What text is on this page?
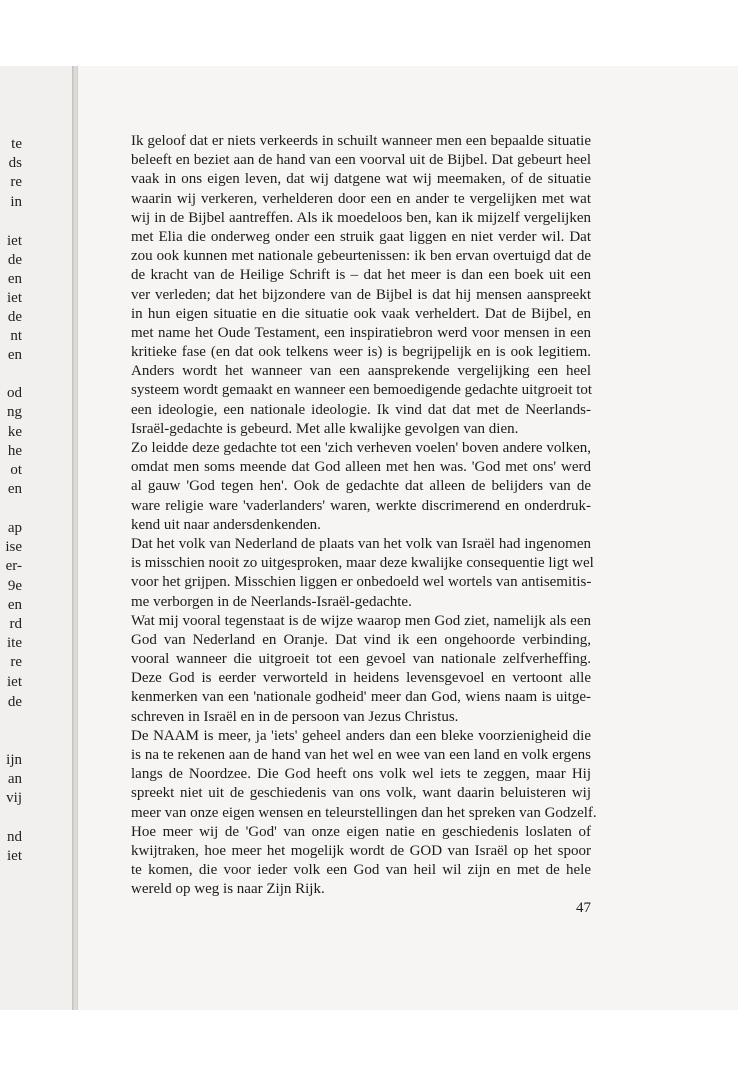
te
ds
re
in
iet
de
en
iet
de
nt
en
od
ng
ke
he
ot
en
ap
ise
er-
9e
en
rd
ite
re
iet
de
ijn
an
vij
nd
iet
Ik geloof dat er niets verkeerds in schuilt wanneer men een bepaalde situatie
beleeft en beziet aan de hand van een voorval uit de Bijbel. Dat gebeurt heel
vaak in ons eigen leven, dat wij datgene wat wij meemaken, of de situatie
waarin wij verkeren, verhelderen door een en ander te vergelijken met wat
wij in de Bijbel aantreffen. Als ik moedeloos ben, kan ik mijzelf vergelijken
met Elia die onderweg onder een struik gaat liggen en niet verder wil. Dat
zou ook kunnen met nationale gebeurtenissen: ik ben ervan overtuigd dat de
de kracht van de Heilige Schrift is – dat het meer is dan een boek uit een
ver verleden; dat het bijzondere van de Bijbel is dat hij mensen aanspreekt
in hun eigen situatie en die situatie ook vaak verheldert. Dat de Bijbel, en
met name het Oude Testament, een inspiratiebron werd voor mensen in een
kritieke fase (en dat ook telkens weer is) is begrijpelijk en is ook legitiem.
Anders wordt het wanneer van een aansprekende vergelijking een heel
systeem wordt gemaakt en wanneer een bemoedigende gedachte uitgroeit tot
een ideologie, een nationale ideologie. Ik vind dat dat met de Neerlands-
Israël-gedachte is gebeurd. Met alle kwalijke gevolgen van dien.
Zo leidde deze gedachte tot een 'zich verheven voelen' boven andere volken,
omdat men soms meende dat God alleen met hen was. 'God met ons' werd
al gauw 'God tegen hen'. Ook de gedachte dat alleen de belijders van de
ware religie ware 'vaderlanders' waren, werkte discrimerend en onderdruk-
kend uit naar andersdenkenden.
Dat het volk van Nederland de plaats van het volk van Israël had ingenomen
is misschien nooit zo uitgesproken, maar deze kwalijke consequentie ligt wel
voor het grijpen. Misschien liggen er onbedoeld wel wortels van antisemitis-
me verborgen in de Neerlands-Israël-gedachte.
Wat mij vooral tegenstaat is de wijze waarop men God ziet, namelijk als een
God van Nederland en Oranje. Dat vind ik een ongehoorde verbinding,
vooral wanneer die uitgroeit tot een gevoel van nationale zelfverheffing.
Deze God is eerder verworteld in heidens levensgevoel en vertoont alle
kenmerken van een 'nationale godheid' meer dan God, wiens naam is uitge-
schreven in Israël en in de persoon van Jezus Christus.
De NAAM is meer, ja 'iets' geheel anders dan een bleke voorzienigheid die
is na te rekenen aan de hand van het wel en wee van een land en volk ergens
langs de Noordzee. Die God heeft ons volk wel iets te zeggen, maar Hij
spreekt niet uit de geschiedenis van ons volk, want daarin beluisteren wij
meer van onze eigen wensen en teleurstellingen dan het spreken van Godzelf.
Hoe meer wij de 'God' van onze eigen natie en geschiedenis loslaten of
kwijtraken, hoe meer het mogelijk wordt de GOD van Israël op het spoor
te komen, die voor ieder volk een God van heil wil zijn en met de hele
wereld op weg is naar Zijn Rijk.
47
